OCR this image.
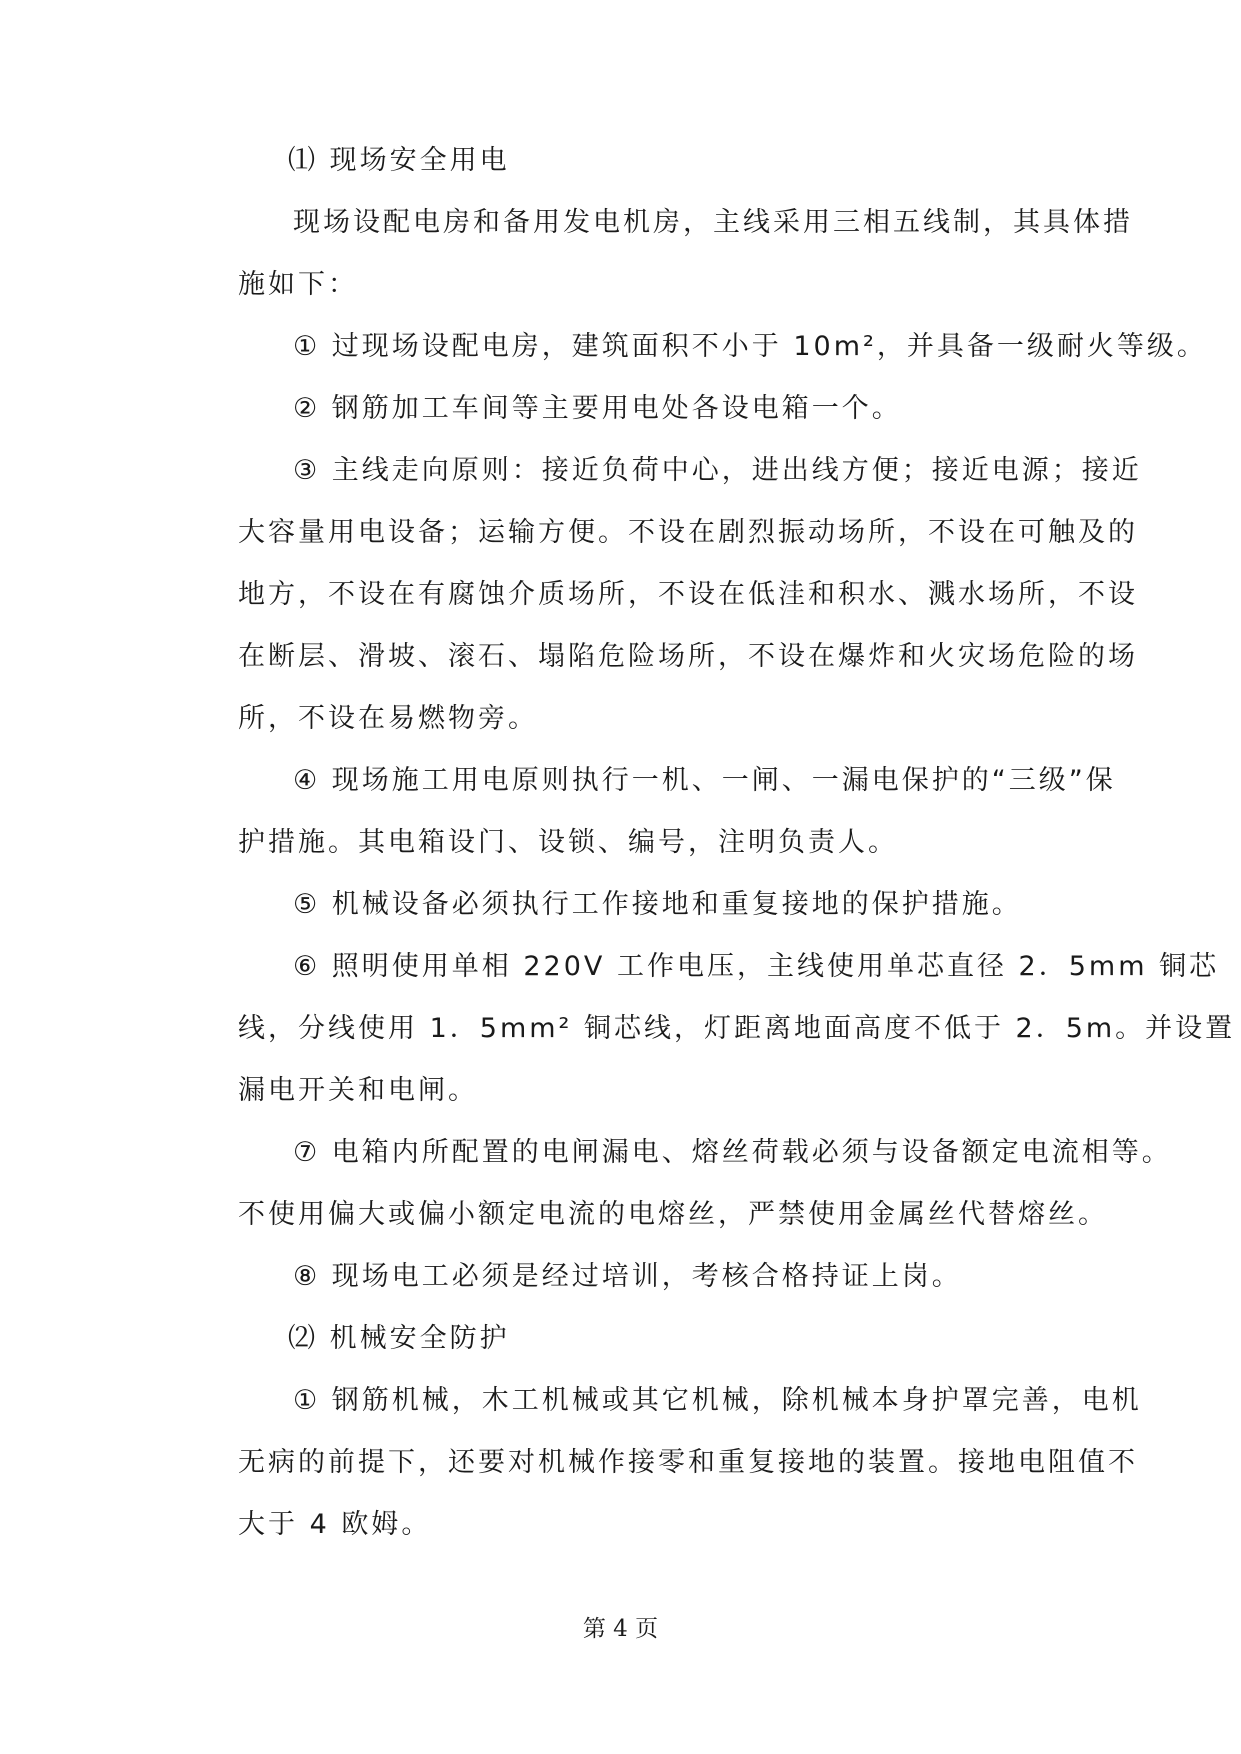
⑴ 现场安全用电
现场设配电房和备用发电机房，主线采用三相五线制，其具体措
施如下：
① 过现场设配电房，建筑面积不小于 10m²，并具备一级耐火等级。
② 钢筋加工车间等主要用电处各设电箱一个。
③ 主线走向原则：接近负荷中心，进出线方便；接近电源；接近
大容量用电设备；运输方便。不设在剧烈振动场所，不设在可触及的
地方，不设在有腐蚀介质场所，不设在低洼和积水、溅水场所，不设
在断层、滑坡、滚石、塌陷危险场所，不设在爆炸和火灾场危险的场
所，不设在易燃物旁。
④ 现场施工用电原则执行一机、一闸、一漏电保护的“三级”保
护措施。其电箱设门、设锁、编号，注明负责人。
⑤ 机械设备必须执行工作接地和重复接地的保护措施。
⑥ 照明使用单相 220V 工作电压，主线使用单芯直径 2．5mm 铜芯
线，分线使用 1．5mm² 铜芯线，灯距离地面高度不低于 2．5m。并设置
漏电开关和电闸。
⑦ 电箱内所配置的电闸漏电、熔丝荷载必须与设备额定电流相等。
不使用偏大或偏小额定电流的电熔丝，严禁使用金属丝代替熔丝。
⑧ 现场电工必须是经过培训，考核合格持证上岗。
⑵ 机械安全防护
① 钢筋机械，木工机械或其它机械，除机械本身护罩完善，电机
无病的前提下，还要对机械作接零和重复接地的装置。接地电阻值不
大于 4 欧姆。
第 4 页
